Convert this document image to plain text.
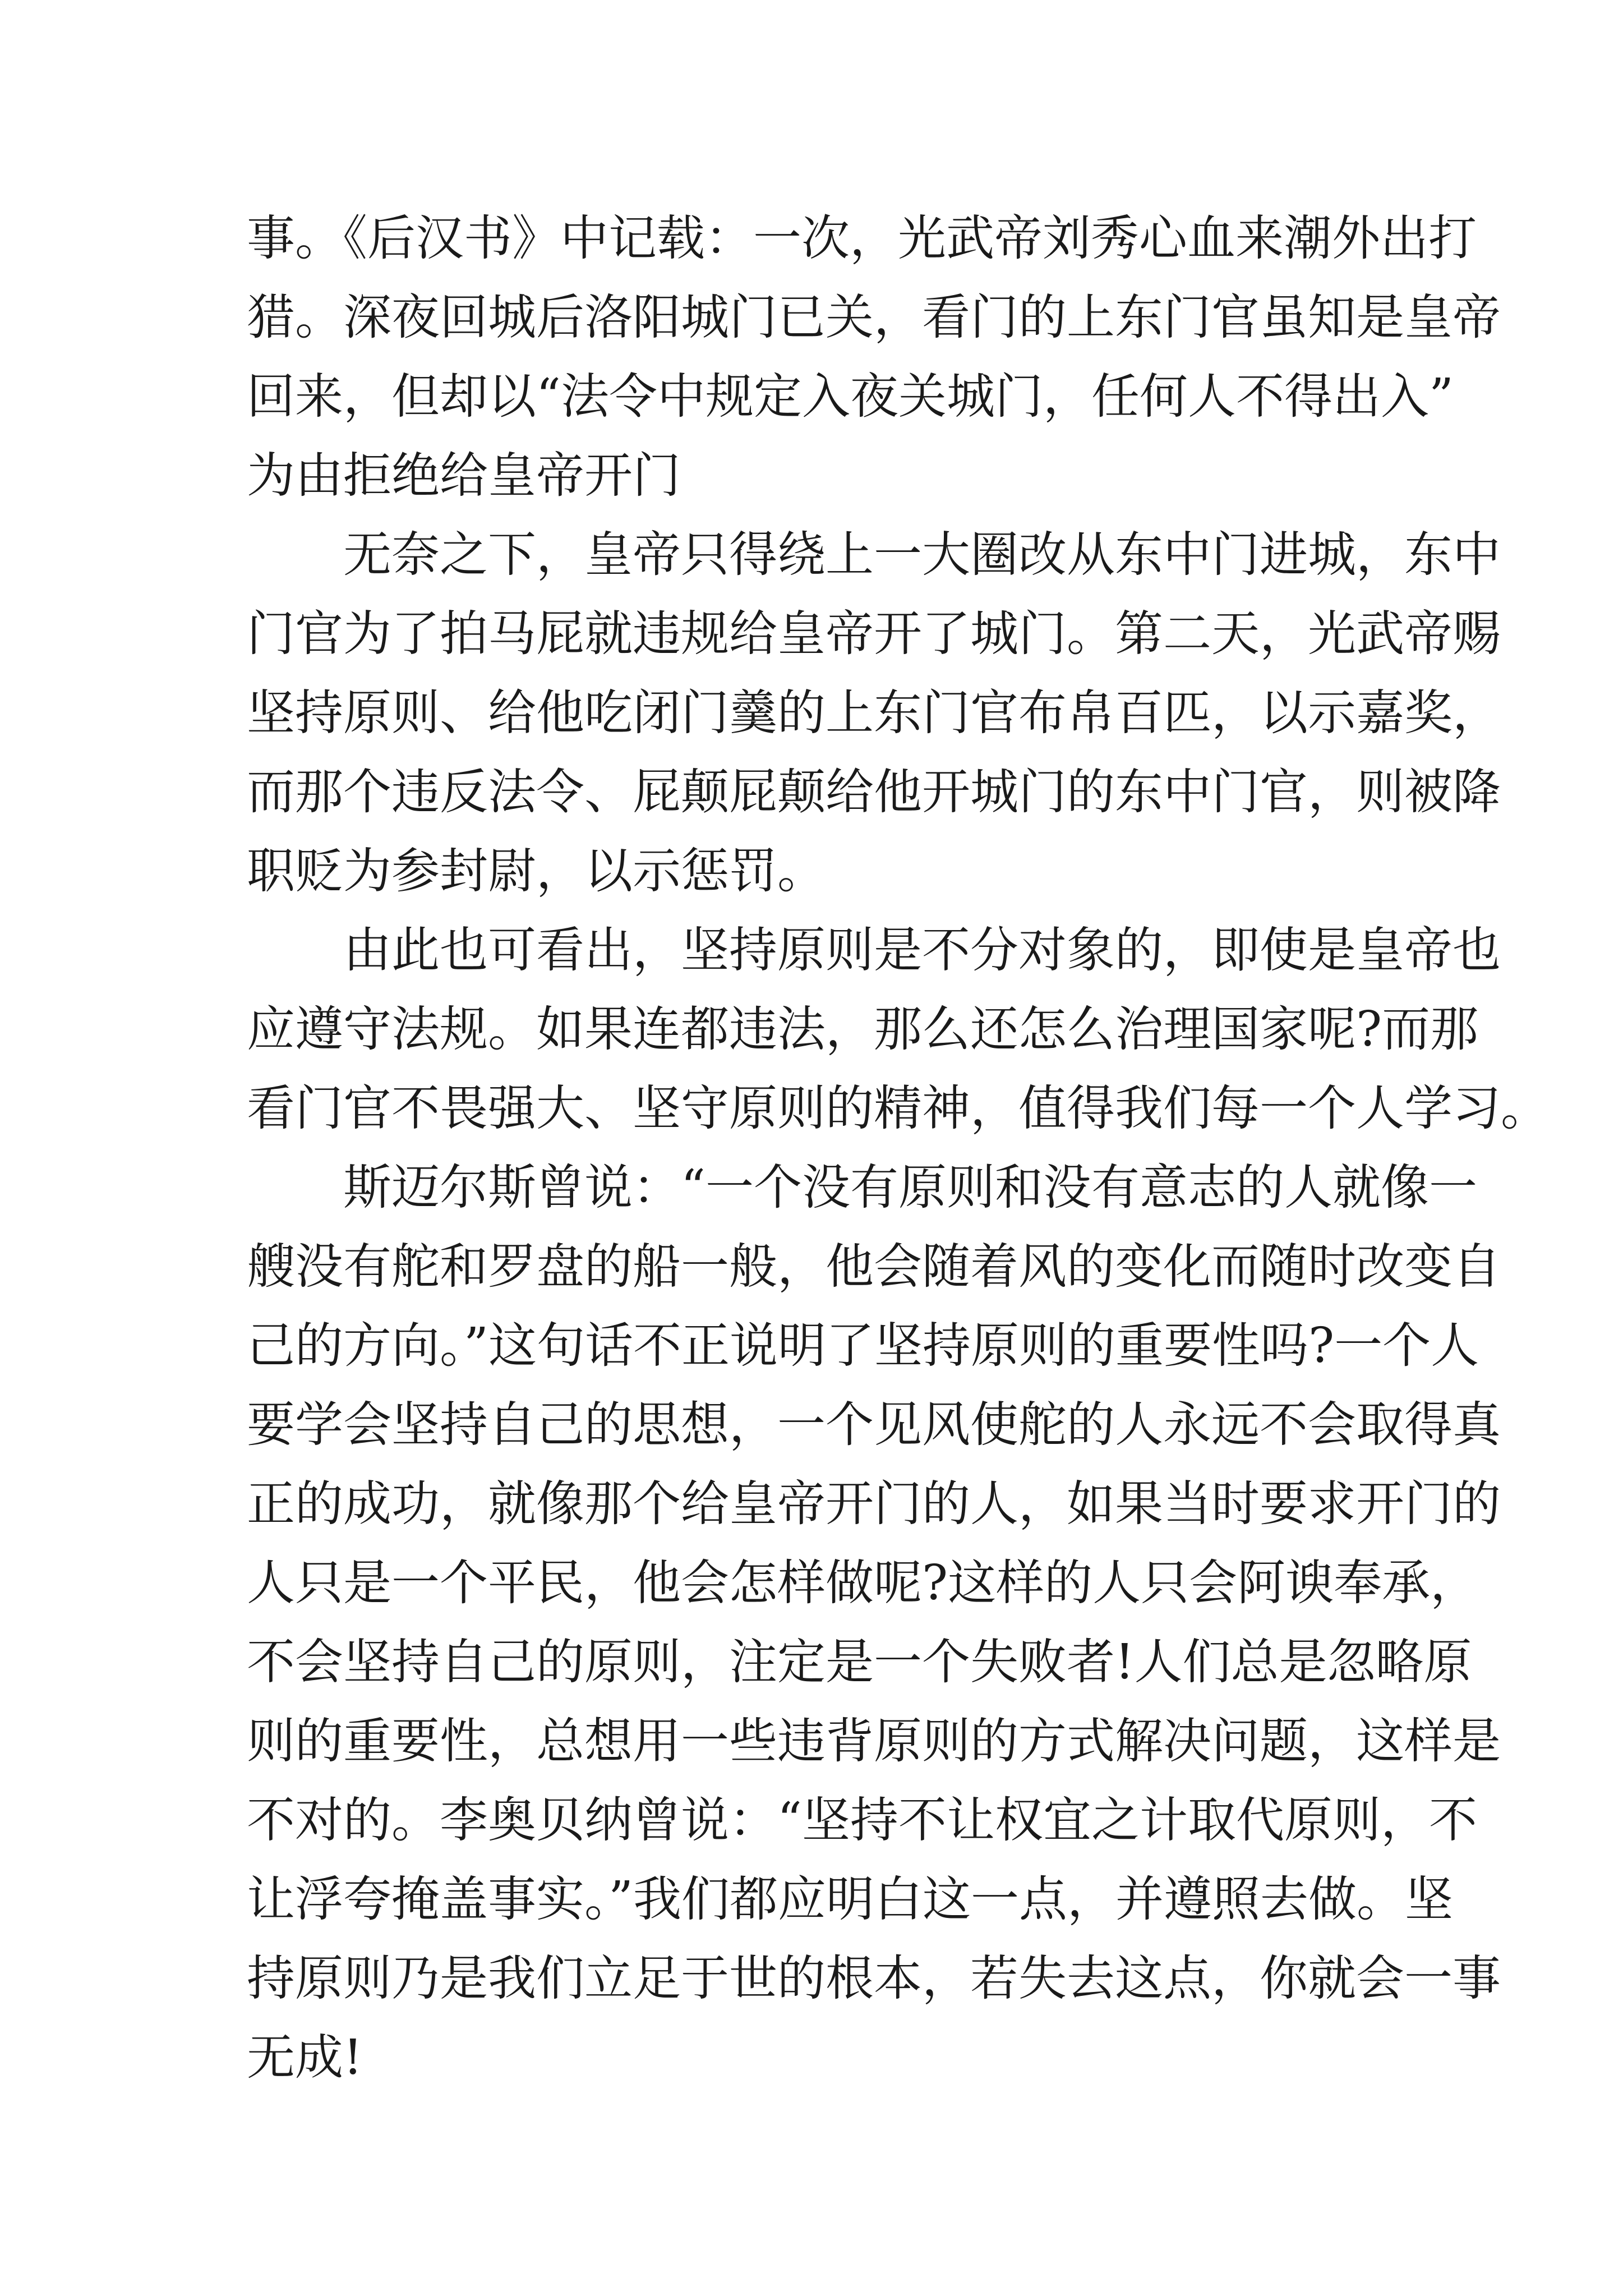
事。《后汉书》中记载：一次，光武帝刘秀心血来潮外出打
猎。深夜回城后洛阳城门已关，看门的上东门官虽知是皇帝
回来，但却以“法令中规定入夜关城门，任何人不得出入”
为由拒绝给皇帝开门
无奈之下，皇帝只得绕上一大圈改从东中门进城，东中
门官为了拍马屁就违规给皇帝开了城门。第二天，光武帝赐
坚持原则、给他吃闭门羹的上东门官布帛百匹，以示嘉奖，
而那个违反法令、屁颠屁颠给他开城门的东中门官，则被降
职贬为参封尉，以示惩罚。
由此也可看出，坚持原则是不分对象的，即使是皇帝也
应遵守法规。如果连都违法，那么还怎么治理国家呢?而那
看门官不畏强大、坚守原则的精神，值得我们每一个人学习。
斯迈尔斯曾说：“一个没有原则和没有意志的人就像一
艘没有舵和罗盘的船一般，他会随着风的变化而随时改变自
己的方向。”这句话不正说明了坚持原则的重要性吗?一个人
要学会坚持自己的思想，一个见风使舵的人永远不会取得真
正的成功，就像那个给皇帝开门的人，如果当时要求开门的
人只是一个平民，他会怎样做呢?这样的人只会阿谀奉承，
不会坚持自己的原则，注定是一个失败者!人们总是忽略原
则的重要性，总想用一些违背原则的方式解决问题，这样是
不对的。李奥贝纳曾说：“坚持不让权宜之计取代原则，不
让浮夸掩盖事实。”我们都应明白这一点，并遵照去做。坚
持原则乃是我们立足于世的根本，若失去这点，你就会一事
无成!
